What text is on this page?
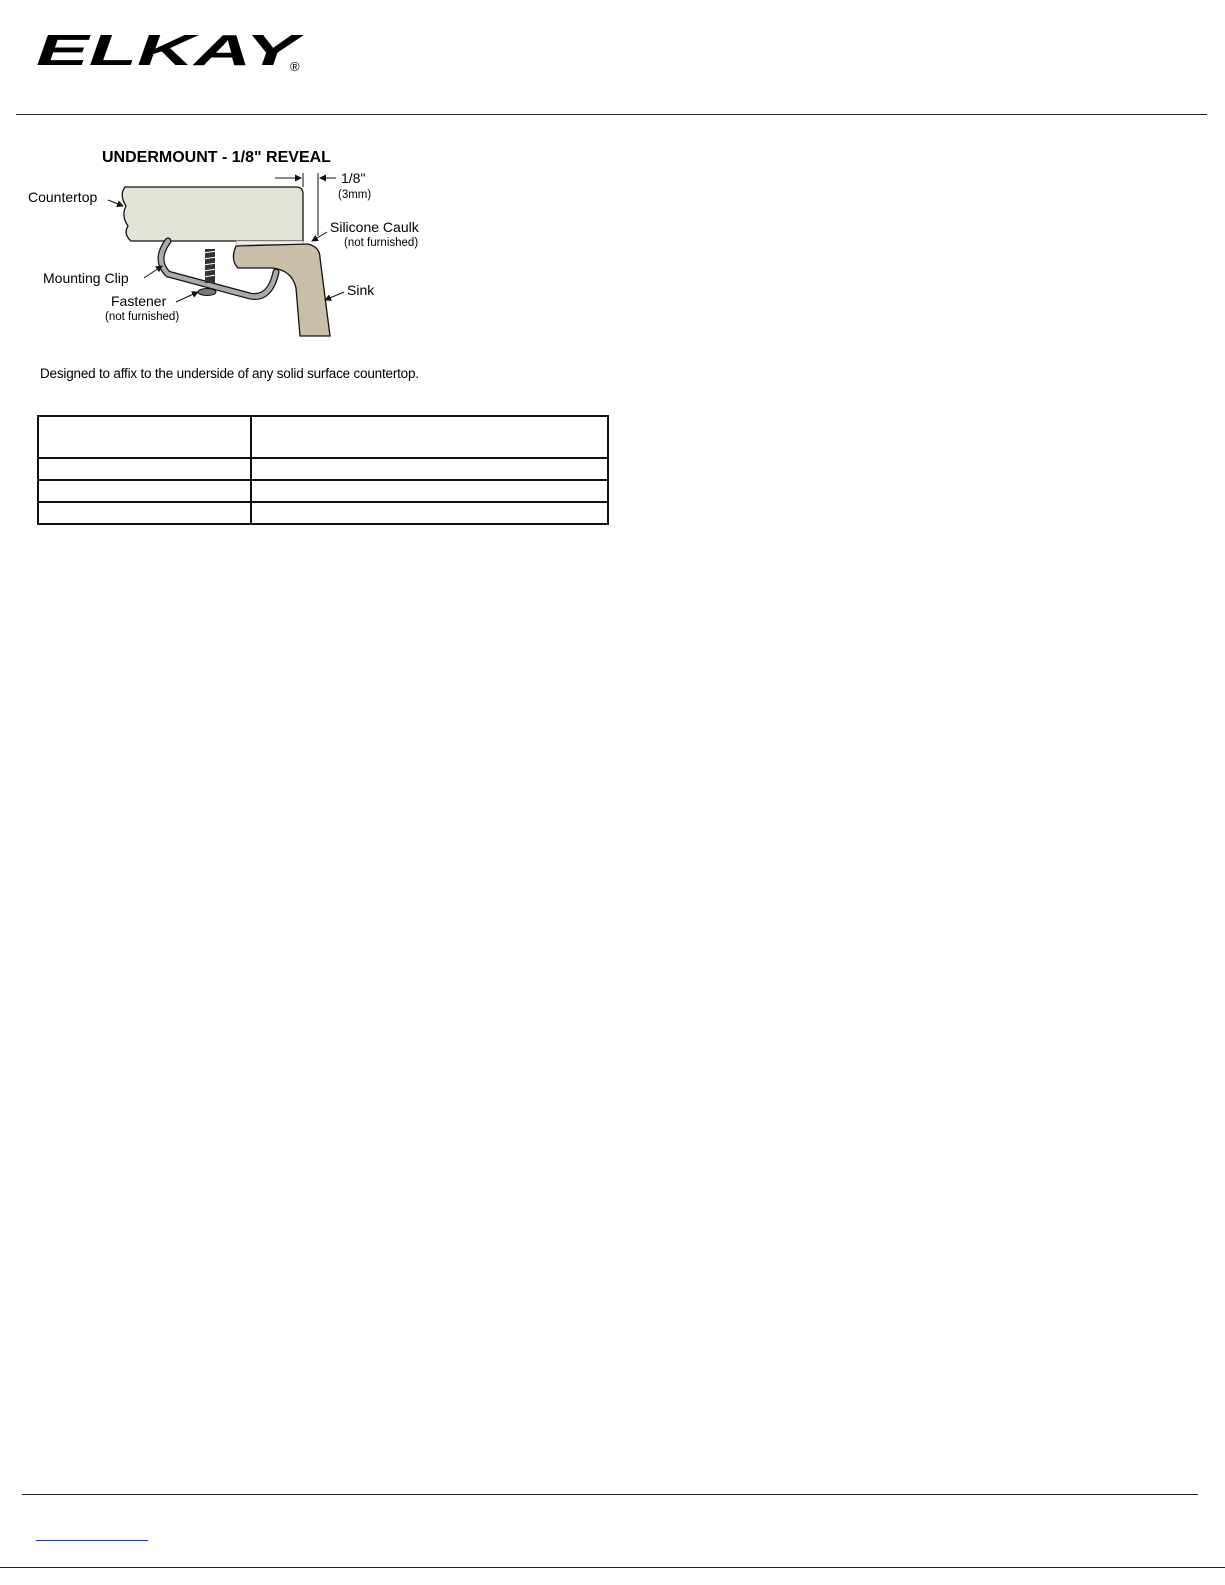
ELKAY
®
UNDERMOUNT - 1/8" REVEAL
1/8"
(3mm)
Countertop
Silicone Caulk
(not furnished)
Mounting Clip
Fastener
(not furnished)
Sink
Designed to affix to the underside of any solid surface countertop.
